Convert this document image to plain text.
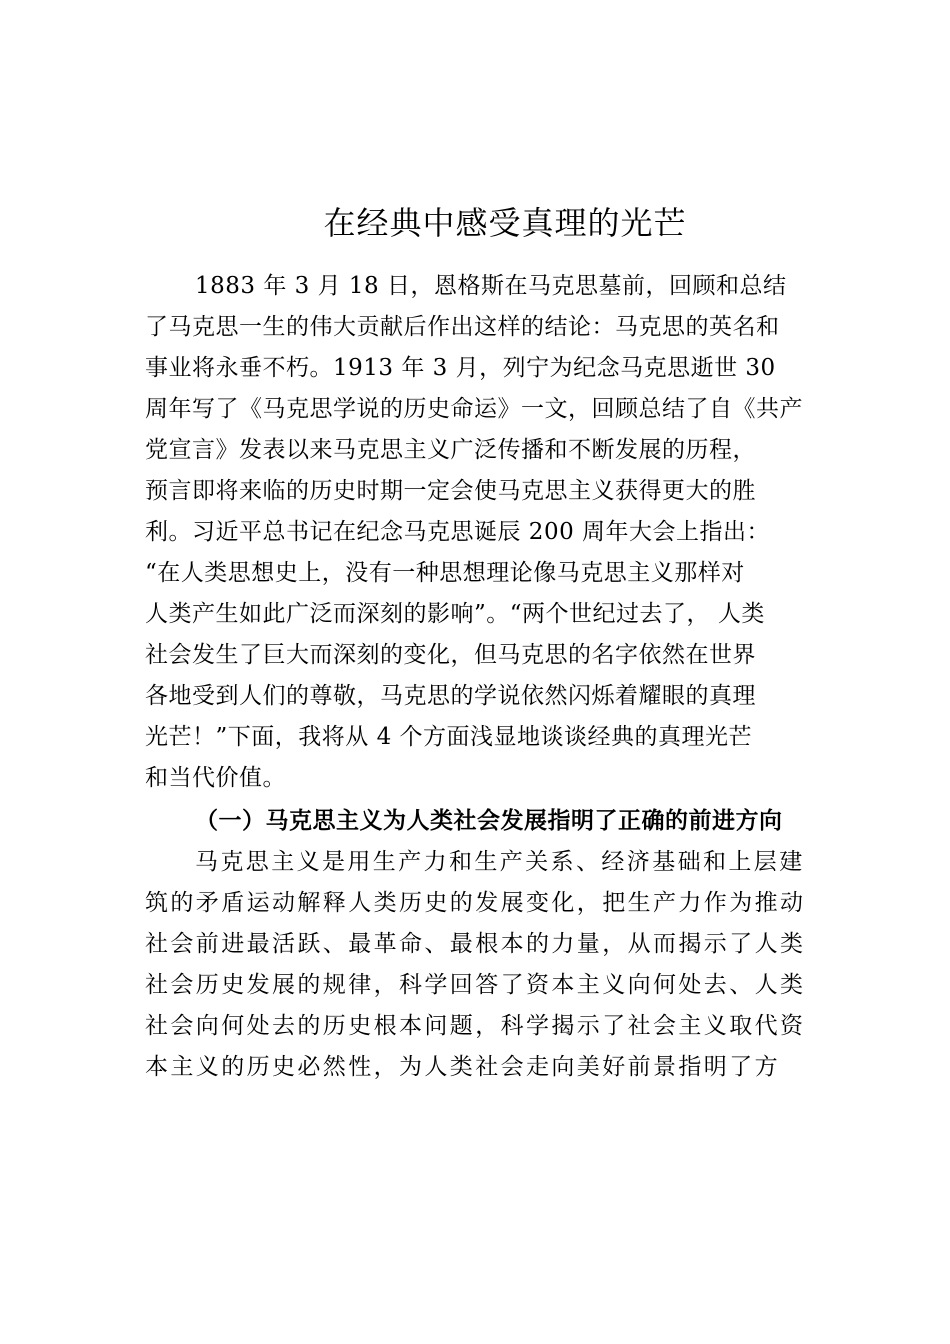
在经典中感受真理的光芒

1883 年 3 月 18 日，恩格斯在马克思墓前，回顾和总结

了马克思一生的伟大贡献后作出这样的结论：马克思的英名和

事业将永垂不朽。1913 年 3 月，列宁为纪念马克思逝世 30

周年写了《马克思学说的历史命运》一文，回顾总结了自《共产

党宣言》发表以来马克思主义广泛传播和不断发展的历程，

预言即将来临的历史时期一定会使马克思主义获得更大的胜

利。习近平总书记在纪念马克思诞辰 200 周年大会上指出：

“在人类思想史上，没有一种思想理论像马克思主义那样对

人类产生如此广泛而深刻的影响”。“两个世纪过去了， 人类

社会发生了巨大而深刻的变化，但马克思的名字依然在世界

各地受到人们的尊敬，马克思的学说依然闪烁着耀眼的真理

光芒！”下面，我将从 4 个方面浅显地谈谈经典的真理光芒

和当代价值。

（一）马克思主义为人类社会发展指明了正确的前进方向

马克思主义是用生产力和生产关系、经济基础和上层建

筑的矛盾运动解释人类历史的发展变化，把生产力作为推动

社会前进最活跃、最革命、最根本的力量，从而揭示了人类

社会历史发展的规律，科学回答了资本主义向何处去、人类

社会向何处去的历史根本问题，科学揭示了社会主义取代资

本主义的历史必然性，为人类社会走向美好前景指明了方
